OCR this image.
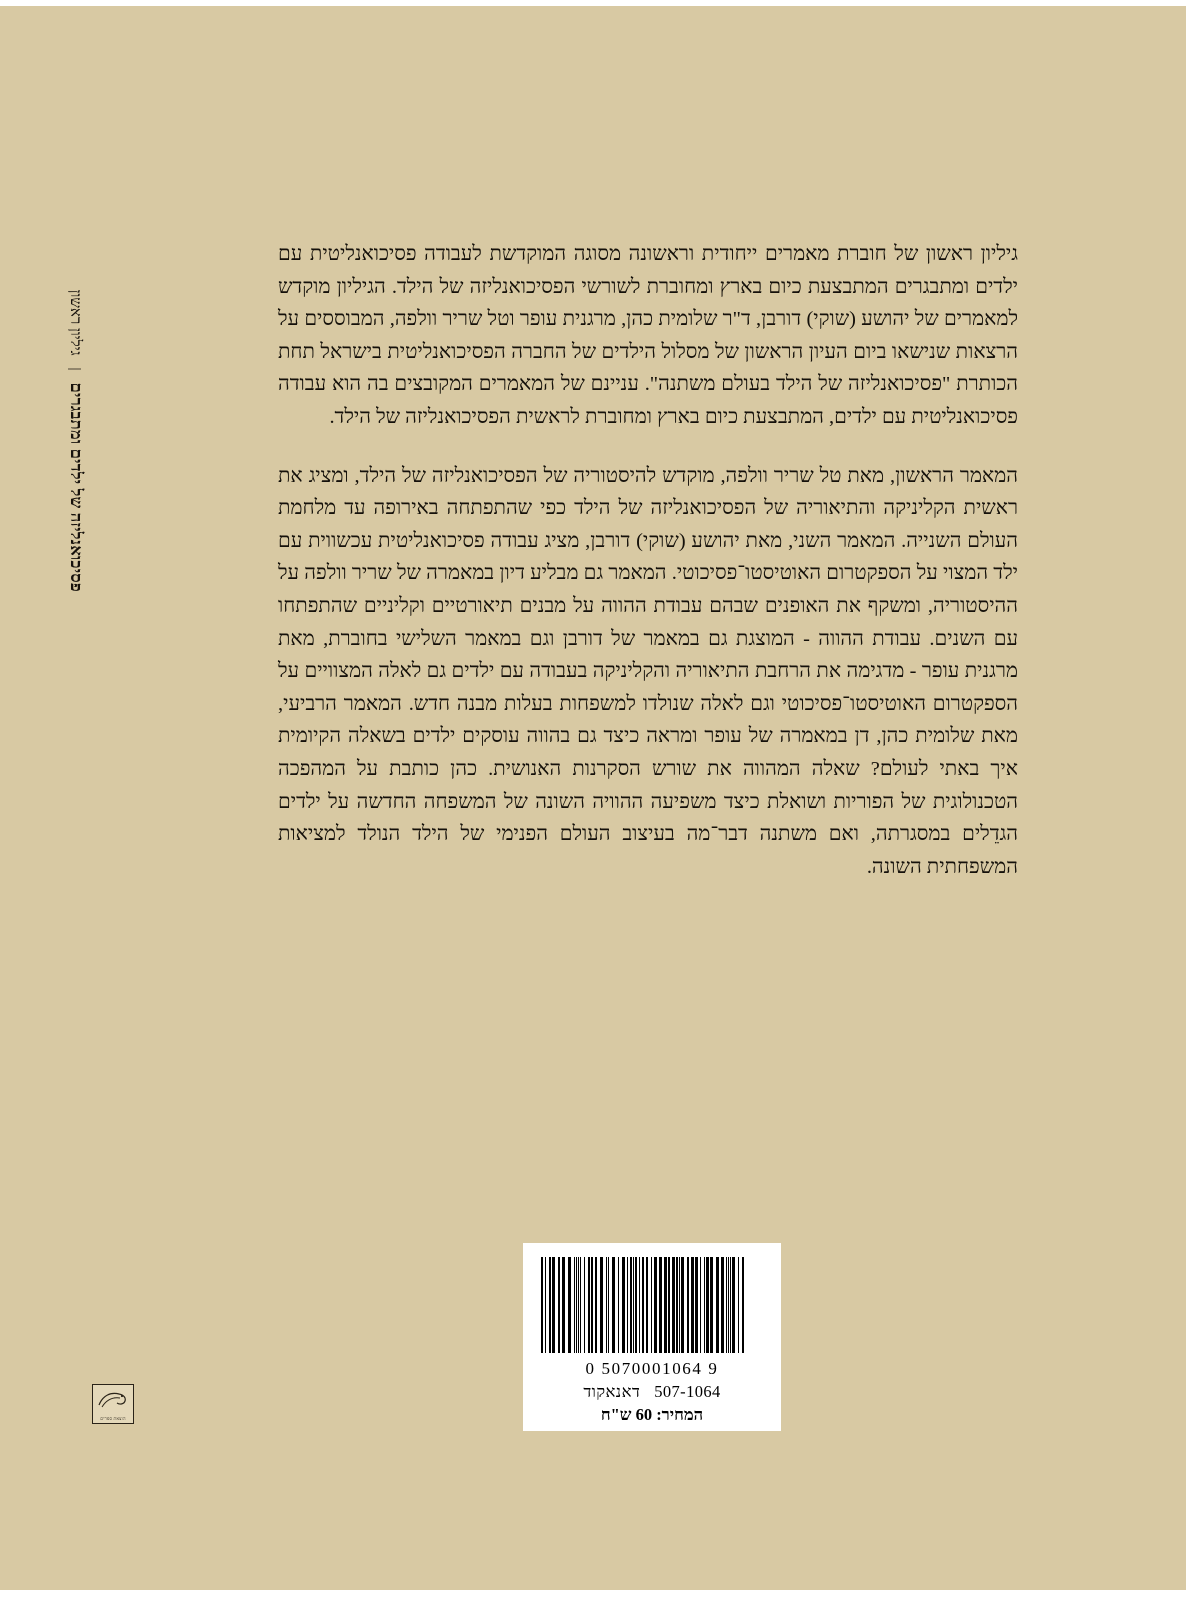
פסיכואנליזה של ילדים ומתבגרים | גיליון ראשון

גיליון ראשון של חוברת מאמרים ייחודית וראשונה מסוגה המוקדשת לעבודה פסיכואנליטית עם ילדים ומתבגרים המתבצעת כיום בארץ ומחוברת לשורשי הפסיכואנליזה של הילד. הגיליון מוקדש למאמרים של יהושע (שוקי) דורבן, ד"ר שלומית כהן, מרגנית עופר וטל שריר וולפה, המבוססים על הרצאות שנישאו ביום העיון הראשון של מסלול הילדים של החברה הפסיכואנליטית בישראל תחת הכותרת "פסיכואנליזה של הילד בעולם משתנה". עניינם של המאמרים המקובצים בה הוא עבודה פסיכואנליטית עם ילדים, המתבצעת כיום בארץ ומחוברת לראשית הפסיכואנליזה של הילד.

המאמר הראשון, מאת טל שריר וולפה, מוקדש להיסטוריה של הפסיכואנליזה של הילד, ומציג את ראשית הקליניקה והתיאוריה של הפסיכואנליזה של הילד כפי שהתפתחה באירופה עד מלחמת העולם השנייה. המאמר השני, מאת יהושע (שוקי) דורבן, מציג עבודה פסיכואנליטית עכשווית עם ילד המצוי על הספקטרום האוטיסטו־פסיכוטי. המאמר גם מבליע דיון במאמרה של שריר וולפה על ההיסטוריה, ומשקף את האופנים שבהם עבודת ההווה על מבנים תיאורטיים וקליניים שהתפתחו עם השנים. עבודת ההווה - המוצגת גם במאמר של דורבן וגם במאמר השלישי בחוברת, מאת מרגנית עופר - מדגימה את הרחבת התיאוריה והקליניקה בעבודה עם ילדים גם לאלה המצוויים על הספקטרום האוטיסטו־פסיכוטי וגם לאלה שנולדו למשפחות בעלות מבנה חדש. המאמר הרביעי, מאת שלומית כהן, דן במאמרה של עופר ומראה כיצד גם בהווה עוסקים ילדים בשאלה הקיומית איך באתי לעולם? שאלה המהווה את שורש הסקרנות האנושית. כהן כותבת על המהפכה הטכנולוגית של הפוריות ושואלת כיצד משפיעה ההוויה השונה של המשפחה החדשה על ילדים הגדֵלים במסגרתה, ואם משתנה דבר־מה בעיצוב העולם הפנימי של הילד הנולד למציאות המשפחתית השונה.

0 5070001064 9
507-1064דאנאקוד
המחיר: 60 ש"ח
הוצאת ספרים
